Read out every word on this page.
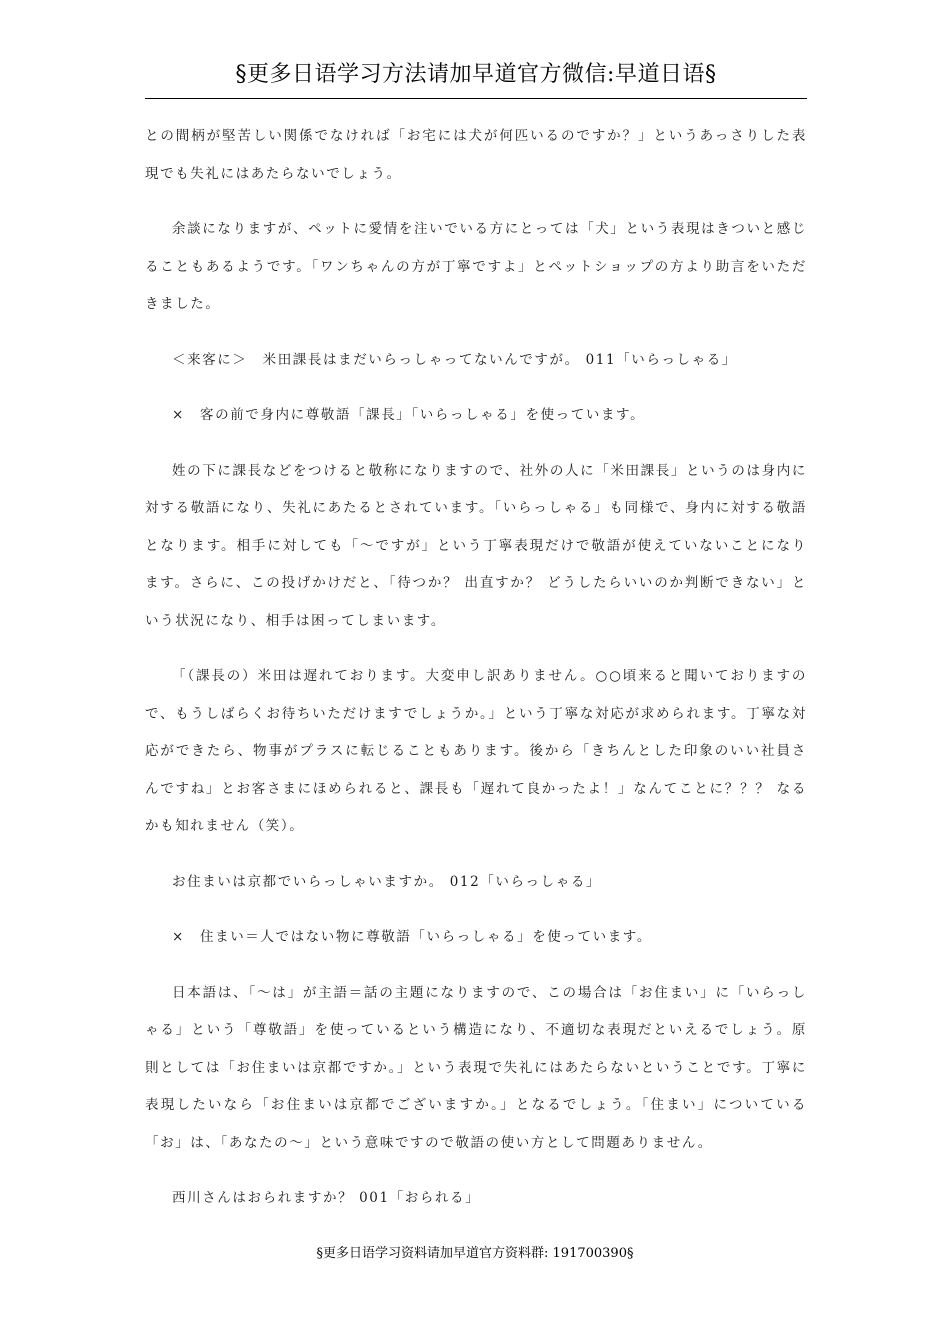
§更多日语学习方法请加早道官方微信:早道日语§

との間柄が堅苦しい関係でなければ「お宅には犬が何匹いるのですか？」というあっさりした表現でも失礼にはあたらないでしょう。

余談になりますが、ペットに愛情を注いでいる方にとっては「犬」という表現はきついと感じることもあるようです。「ワンちゃんの方が丁寧ですよ」とペットショップの方より助言をいただきました。

＜来客に＞　米田課長はまだいらっしゃってないんですが。 011「いらっしゃる」

×　客の前で身内に尊敬語「課長」「いらっしゃる」を使っています。

姓の下に課長などをつけると敬称になりますので、社外の人に「米田課長」というのは身内に対する敬語になり、失礼にあたるとされています。「いらっしゃる」も同様で、身内に対する敬語となります。相手に対しても「～ですが」という丁寧表現だけで敬語が使えていないことになります。さらに、この投げかけだと、「待つか？ 出直すか？ どうしたらいいのか判断できない」という状況になり、相手は困ってしまいます。

「（課長の）米田は遅れております。大変申し訳ありません。○○頃来ると聞いておりますので、もうしばらくお待ちいただけますでしょうか。」という丁寧な対応が求められます。丁寧な対応ができたら、物事がプラスに転じることもあります。後から「きちんとした印象のいい社員さんですね」とお客さまにほめられると、課長も「遅れて良かったよ！」なんてことに？？？ なるかも知れません（笑）。

お住まいは京都でいらっしゃいますか。 012「いらっしゃる」

×　住まい＝人ではない物に尊敬語「いらっしゃる」を使っています。

日本語は、「～は」が主語＝話の主題になりますので、この場合は「お住まい」に「いらっしゃる」という「尊敬語」を使っているという構造になり、不適切な表現だといえるでしょう。原則としては「お住まいは京都ですか。」という表現で失礼にはあたらないということです。丁寧に表現したいなら「お住まいは京都でございますか。」となるでしょう。「住まい」についている「お」は、「あなたの～」という意味ですので敬語の使い方として問題ありません。

西川さんはおられますか？ 001「おられる」

§更多日语学习资料请加早道官方资料群: 191700390§
